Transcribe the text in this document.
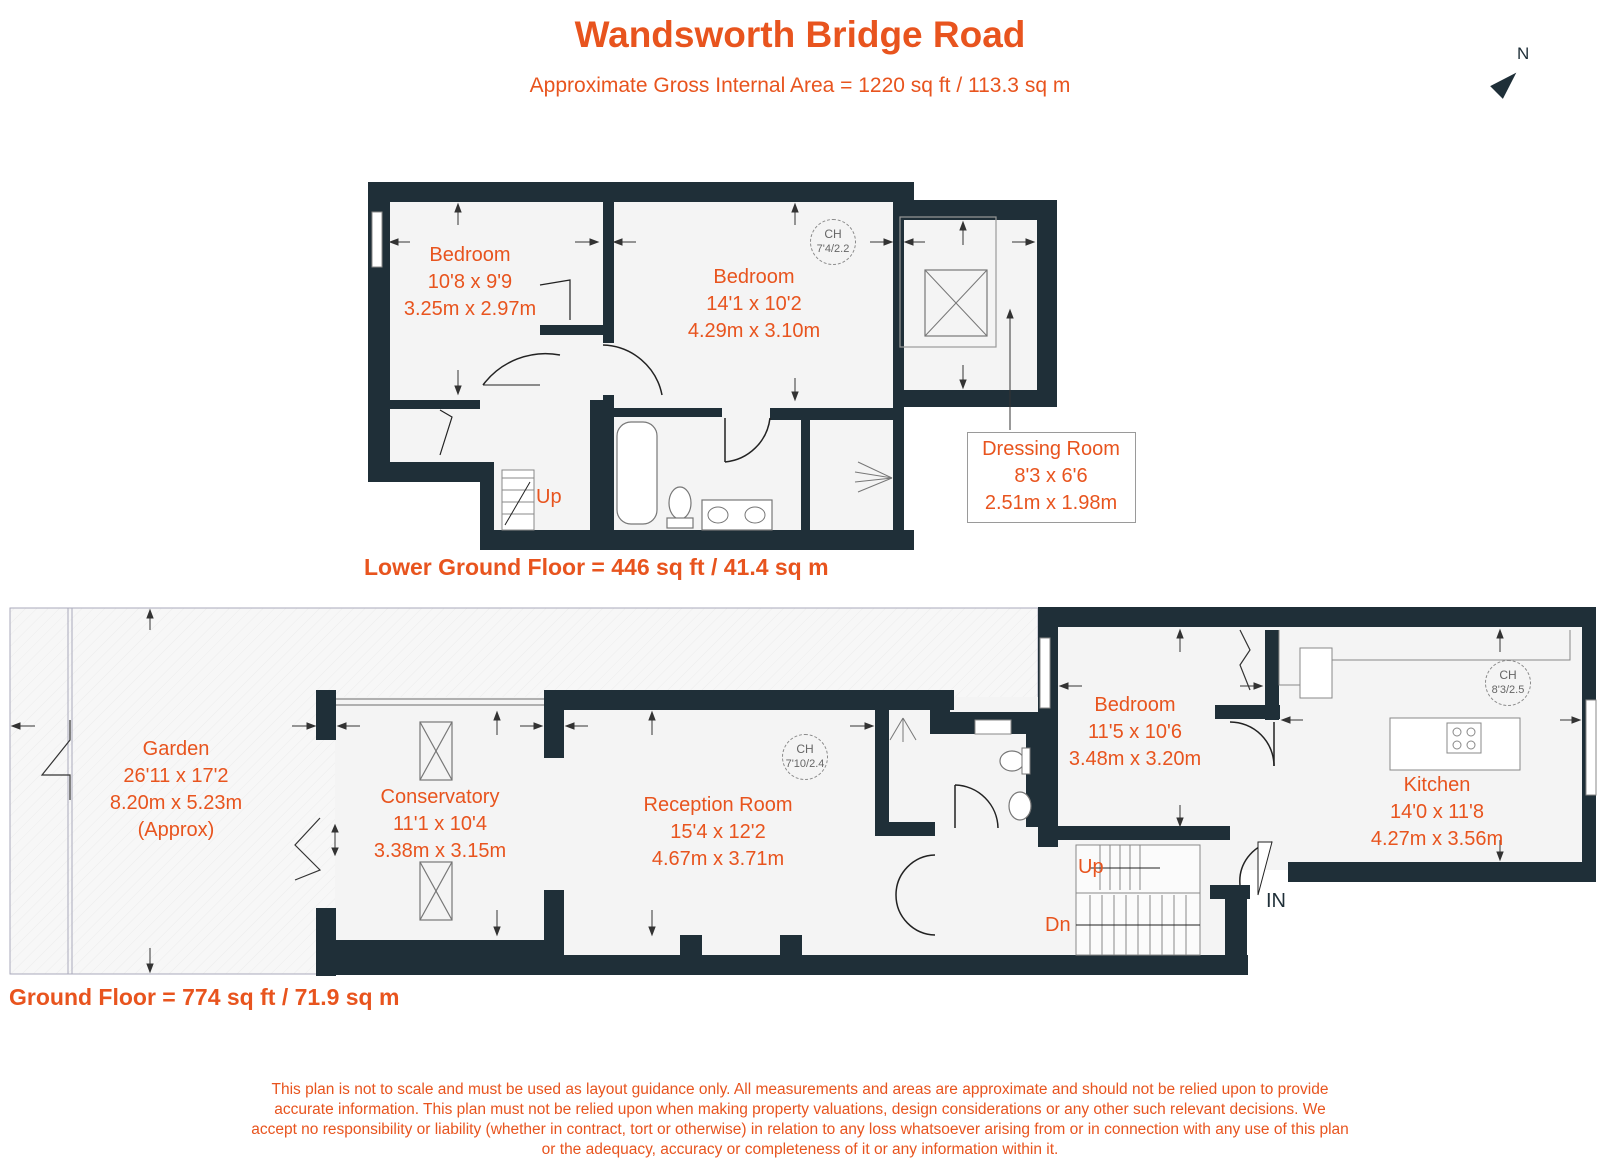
Wandsworth Bridge Road
Approximate Gross Internal Area = 1220 sq ft / 113.3 sq m
N
Bedroom
10'8 x 9'9
3.25m x 2.97m
Bedroom
14'1 x 10'2
4.29m x 3.10m
Dressing Room
8'3 x 6'6
2.51m x 1.98m
CH
7'4/2.2
Up
Lower Ground Floor = 446 sq ft / 41.4 sq m
Garden
26'11 x 17'2
8.20m x 5.23m
(Approx)
Conservatory
11'1 x 10'4
3.38m x 3.15m
Reception Room
15'4 x 12'2
4.67m x 3.71m
CH
7'10/2.4
Bedroom
11'5 x 10'6
3.48m x 3.20m
Kitchen
14'0 x 11'8
4.27m x 3.56m
CH
8'3/2.5
Up
Dn
IN
Ground Floor = 774 sq ft / 71.9 sq m
This plan is not to scale and must be used as layout guidance only. All measurements and areas are approximate and should not be relied upon to provide accurate information. This plan must not be relied upon when making property valuations, design considerations or any other such relevant decisions. We accept no responsibility or liability (whether in contract, tort or otherwise) in relation to any loss whatsoever arising from or in connection with any use of this plan or the adequacy, accuracy or completeness of it or any information within it.
